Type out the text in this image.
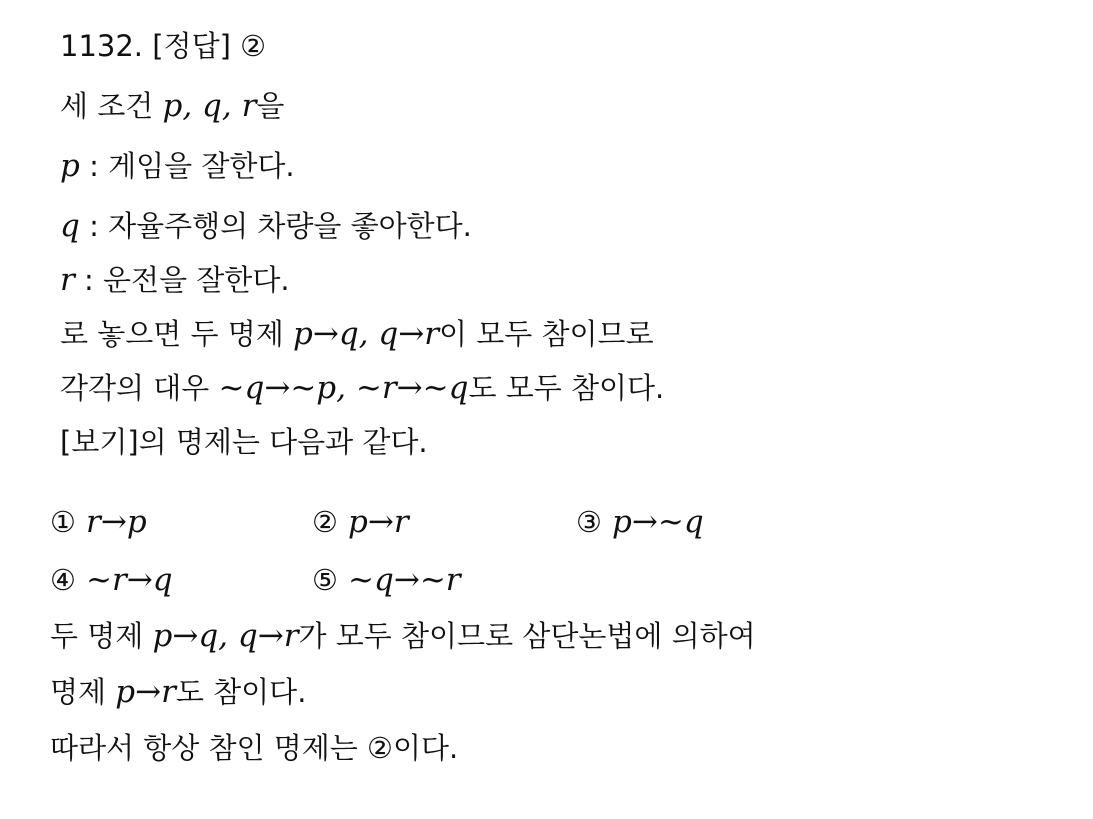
1132. [정답] ②
세 조건 p, q, r을
p : 게임을 잘한다.
q : 자율주행의 차량을 좋아한다.
r : 운전을 잘한다.
로 놓으면 두 명제 p→q, q→r이 모두 참이므로
각각의 대우 ~q→~p, ~r→~q도 모두 참이다.
[보기]의 명제는 다음과 같다.
① r→p	② p→r	③ p→~q
④ ~r→q	⑤ ~q→~r
두 명제 p→q, q→r가 모두 참이므로 삼단논법에 의하여
명제 p→r도 참이다.
따라서 항상 참인 명제는 ②이다.
